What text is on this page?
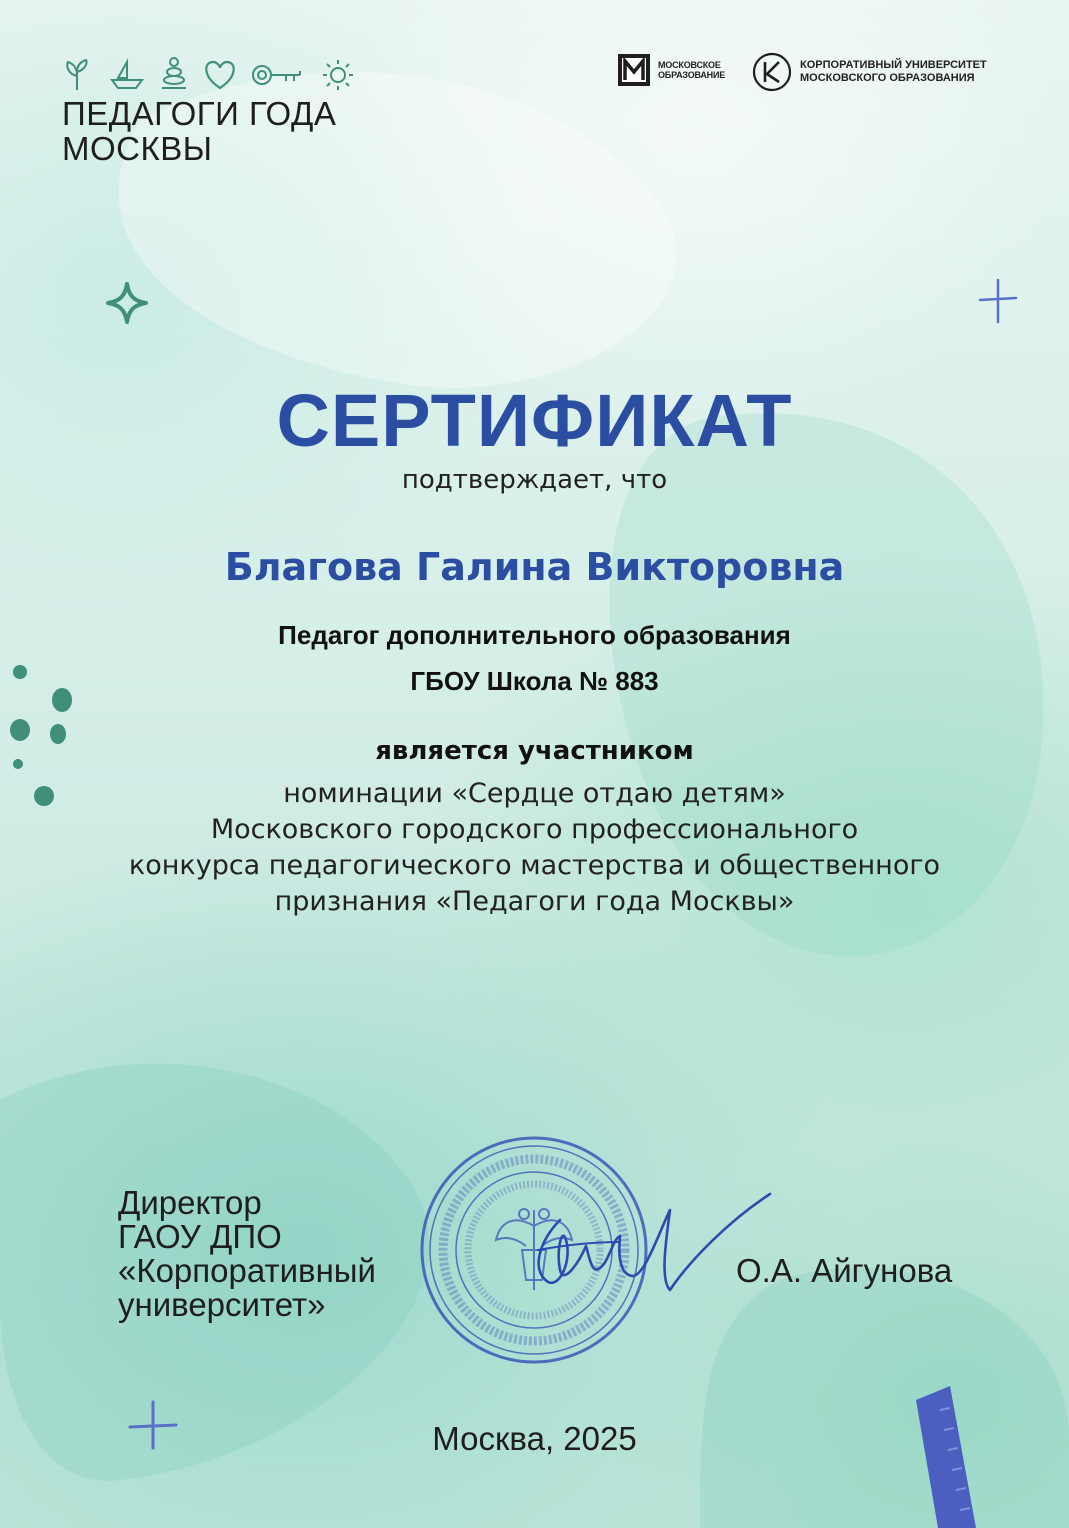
ПЕДАГОГИ ГОДА
МОСКВЫ
МОСКОВСКОЕ
ОБРАЗОВАНИЕ
КОРПОРАТИВНЫЙ УНИВЕРСИТЕТ
МОСКОВСКОГО ОБРАЗОВАНИЯ
СЕРТИФИКАТ
подтверждает, что
Благова Галина Викторовна
Педагог дополнительного образования
ГБОУ Школа № 883
является участником
номинации «Сердце отдаю детям»
Московского городского профессионального
конкурса педагогического мастерства и общественного
признания «Педагоги года Москвы»
Директор
ГАОУ ДПО
«Корпоративный
университет»
О.А. Айгунова
Москва, 2025
